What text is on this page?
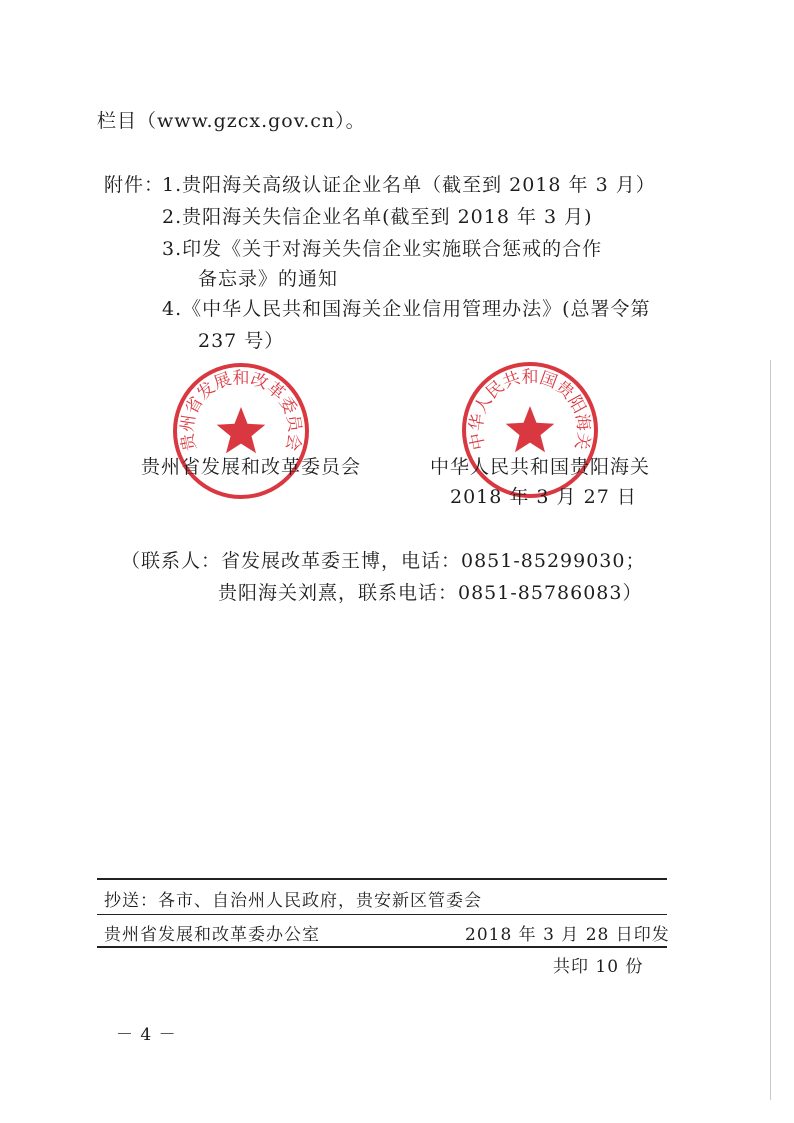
栏目（www.gzcx.gov.cn）。
附件：
1.贵阳海关高级认证企业名单（截至到 2018 年 3 月）
2.贵阳海关失信企业名单(截至到 2018 年 3 月)
3.印发《关于对海关失信企业实施联合惩戒的合作
备忘录》的通知
4.《中华人民共和国海关企业信用管理办法》(总署令第
237 号）
贵州省发展和改革委员会	中华人民共和国贵阳海关
贵州省发展和改革委员会	中华人民共和国贵阳海关
2018 年 3 月 27 日
（联系人：省发展改革委王博，电话：0851-85299030；
贵阳海关刘熹，联系电话：0851-85786083）
抄送：各市、自治州人民政府，贵安新区管委会
贵州省发展和改革委办公室	2018 年 3 月 28 日印发
共印 10 份
－ 4 －
